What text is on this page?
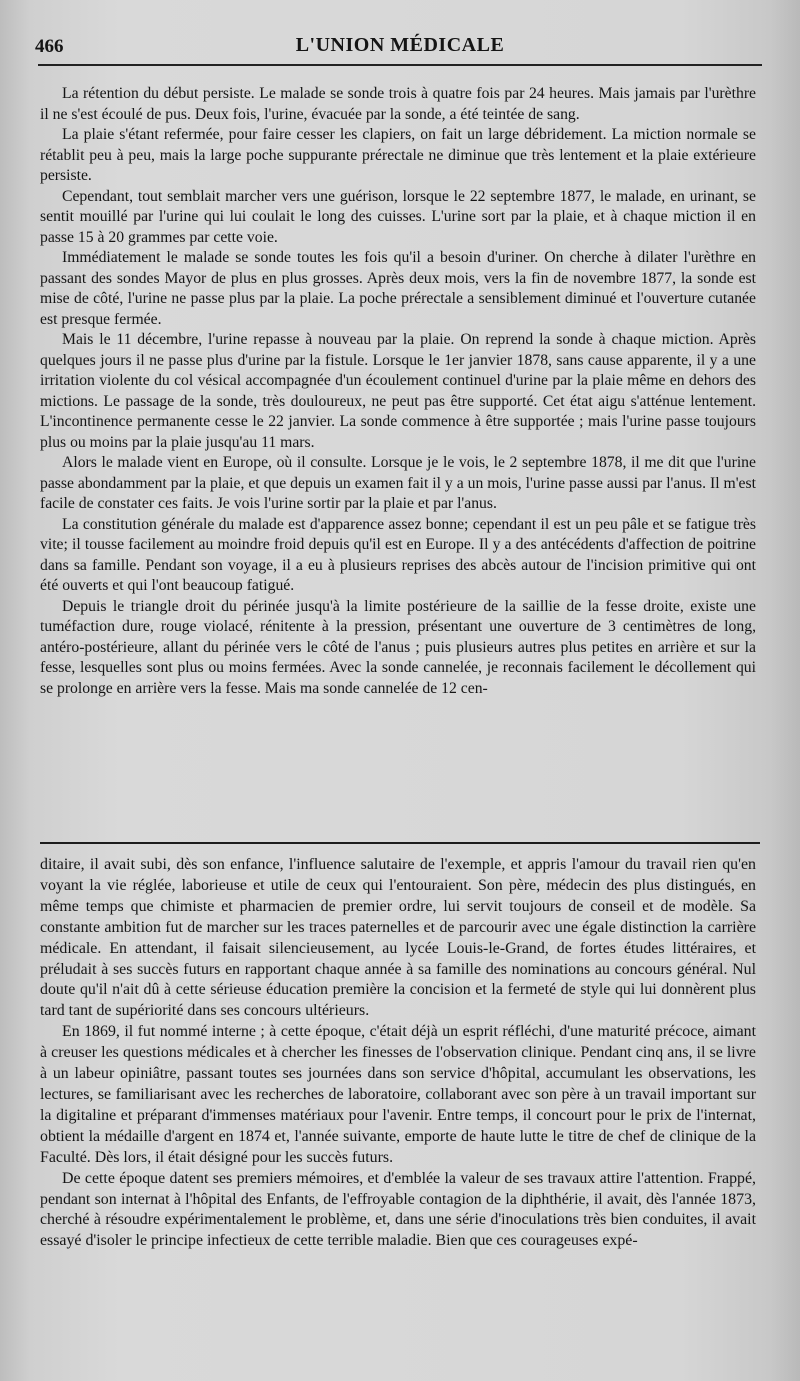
466	L'UNION MÉDICALE

La rétention du début persiste. Le malade se sonde trois à quatre fois par 24 heures. Mais jamais par l'urèthre il ne s'est écoulé de pus. Deux fois, l'urine, évacuée par la sonde, a été teintée de sang.

La plaie s'étant refermée, pour faire cesser les clapiers, on fait un large débridement. La miction normale se rétablit peu à peu, mais la large poche suppurante prérectale ne diminue que très lentement et la plaie extérieure persiste.

Cependant, tout semblait marcher vers une guérison, lorsque le 22 septembre 1877, le malade, en urinant, se sentit mouillé par l'urine qui lui coulait le long des cuisses. L'urine sort par la plaie, et à chaque miction il en passe 15 à 20 grammes par cette voie.

Immédiatement le malade se sonde toutes les fois qu'il a besoin d'uriner. On cherche à dilater l'urèthre en passant des sondes Mayor de plus en plus grosses. Après deux mois, vers la fin de novembre 1877, la sonde est mise de côté, l'urine ne passe plus par la plaie. La poche prérectale a sensiblement diminué et l'ouverture cutanée est presque fermée.

Mais le 11 décembre, l'urine repasse à nouveau par la plaie. On reprend la sonde à chaque miction. Après quelques jours il ne passe plus d'urine par la fistule. Lorsque le 1er janvier 1878, sans cause apparente, il y a une irritation violente du col vésical accompagnée d'un écoulement continuel d'urine par la plaie même en dehors des mictions. Le passage de la sonde, très douloureux, ne peut pas être supporté. Cet état aigu s'atténue lentement. L'incontinence permanente cesse le 22 janvier. La sonde commence à être supportée ; mais l'urine passe toujours plus ou moins par la plaie jusqu'au 11 mars.

Alors le malade vient en Europe, où il consulte. Lorsque je le vois, le 2 septembre 1878, il me dit que l'urine passe abondamment par la plaie, et que depuis un examen fait il y a un mois, l'urine passe aussi par l'anus. Il m'est facile de constater ces faits. Je vois l'urine sortir par la plaie et par l'anus.

La constitution générale du malade est d'apparence assez bonne; cependant il est un peu pâle et se fatigue très vite; il tousse facilement au moindre froid depuis qu'il est en Europe. Il y a des antécédents d'affection de poitrine dans sa famille. Pendant son voyage, il a eu à plusieurs reprises des abcès autour de l'incision primitive qui ont été ouverts et qui l'ont beaucoup fatigué.

Depuis le triangle droit du périnée jusqu'à la limite postérieure de la saillie de la fesse droite, existe une tuméfaction dure, rouge violacé, rénitente à la pression, présentant une ouverture de 3 centimètres de long, antéro-postérieure, allant du périnée vers le côté de l'anus ; puis plusieurs autres plus petites en arrière et sur la fesse, lesquelles sont plus ou moins fermées. Avec la sonde cannelée, je reconnais facilement le décollement qui se prolonge en arrière vers la fesse. Mais ma sonde cannelée de 12 cen-

ditaire, il avait subi, dès son enfance, l'influence salutaire de l'exemple, et appris l'amour du travail rien qu'en voyant la vie réglée, laborieuse et utile de ceux qui l'entouraient. Son père, médecin des plus distingués, en même temps que chimiste et pharmacien de premier ordre, lui servit toujours de conseil et de modèle. Sa constante ambition fut de marcher sur les traces paternelles et de parcourir avec une égale distinction la carrière médicale. En attendant, il faisait silencieusement, au lycée Louis-le-Grand, de fortes études littéraires, et préludait à ses succès futurs en rapportant chaque année à sa famille des nominations au concours général. Nul doute qu'il n'ait dû à cette sérieuse éducation première la concision et la fermeté de style qui lui donnèrent plus tard tant de supériorité dans ses concours ultérieurs.

En 1869, il fut nommé interne ; à cette époque, c'était déjà un esprit réfléchi, d'une maturité précoce, aimant à creuser les questions médicales et à chercher les finesses de l'observation clinique. Pendant cinq ans, il se livre à un labeur opiniâtre, passant toutes ses journées dans son service d'hôpital, accumulant les observations, les lectures, se familiarisant avec les recherches de laboratoire, collaborant avec son père à un travail important sur la digitaline et préparant d'immenses matériaux pour l'avenir. Entre temps, il concourt pour le prix de l'internat, obtient la médaille d'argent en 1874 et, l'année suivante, emporte de haute lutte le titre de chef de clinique de la Faculté. Dès lors, il était désigné pour les succès futurs.

De cette époque datent ses premiers mémoires, et d'emblée la valeur de ses travaux attire l'attention. Frappé, pendant son internat à l'hôpital des Enfants, de l'effroyable contagion de la diphthérie, il avait, dès l'année 1873, cherché à résoudre expérimentalement le problème, et, dans une série d'inoculations très bien conduites, il avait essayé d'isoler le principe infectieux de cette terrible maladie. Bien que ces courageuses expé-
